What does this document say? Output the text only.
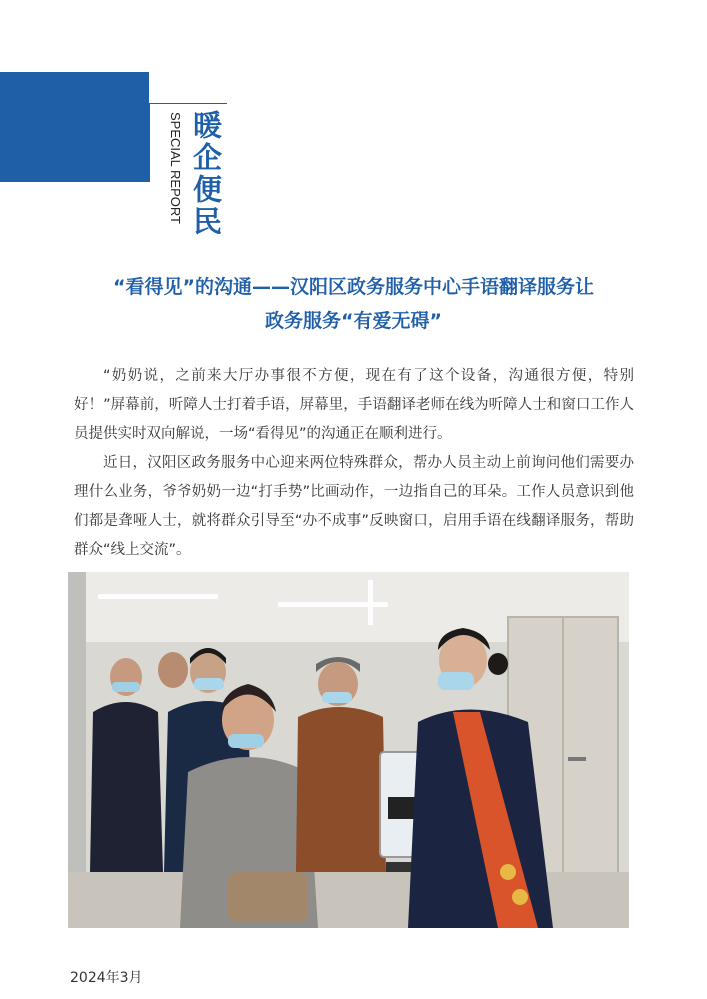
SPECIAL REPORT 暖企便民
“看得见”的沟通——汉阳区政务服务中心手语翻译服务让
政务服务“有爱无碍”

“奶奶说，之前来大厅办事很不方便，现在有了这个设备，沟通很方便，特别好！”屏幕前，听障人士打着手语，屏幕里，手语翻译老师在线为听障人士和窗口工作人员提供实时双向解说，一场“看得见”的沟通正在顺利进行。

近日，汉阳区政务服务中心迎来两位特殊群众，帮办人员主动上前询问他们需要办理什么业务，爷爷奶奶一边“打手势”比画动作，一边指自己的耳朵。工作人员意识到他们都是聋哑人士，就将群众引导至“办不成事”反映窗口，启用手语在线翻译服务，帮助群众“线上交流”。

2024年3月
